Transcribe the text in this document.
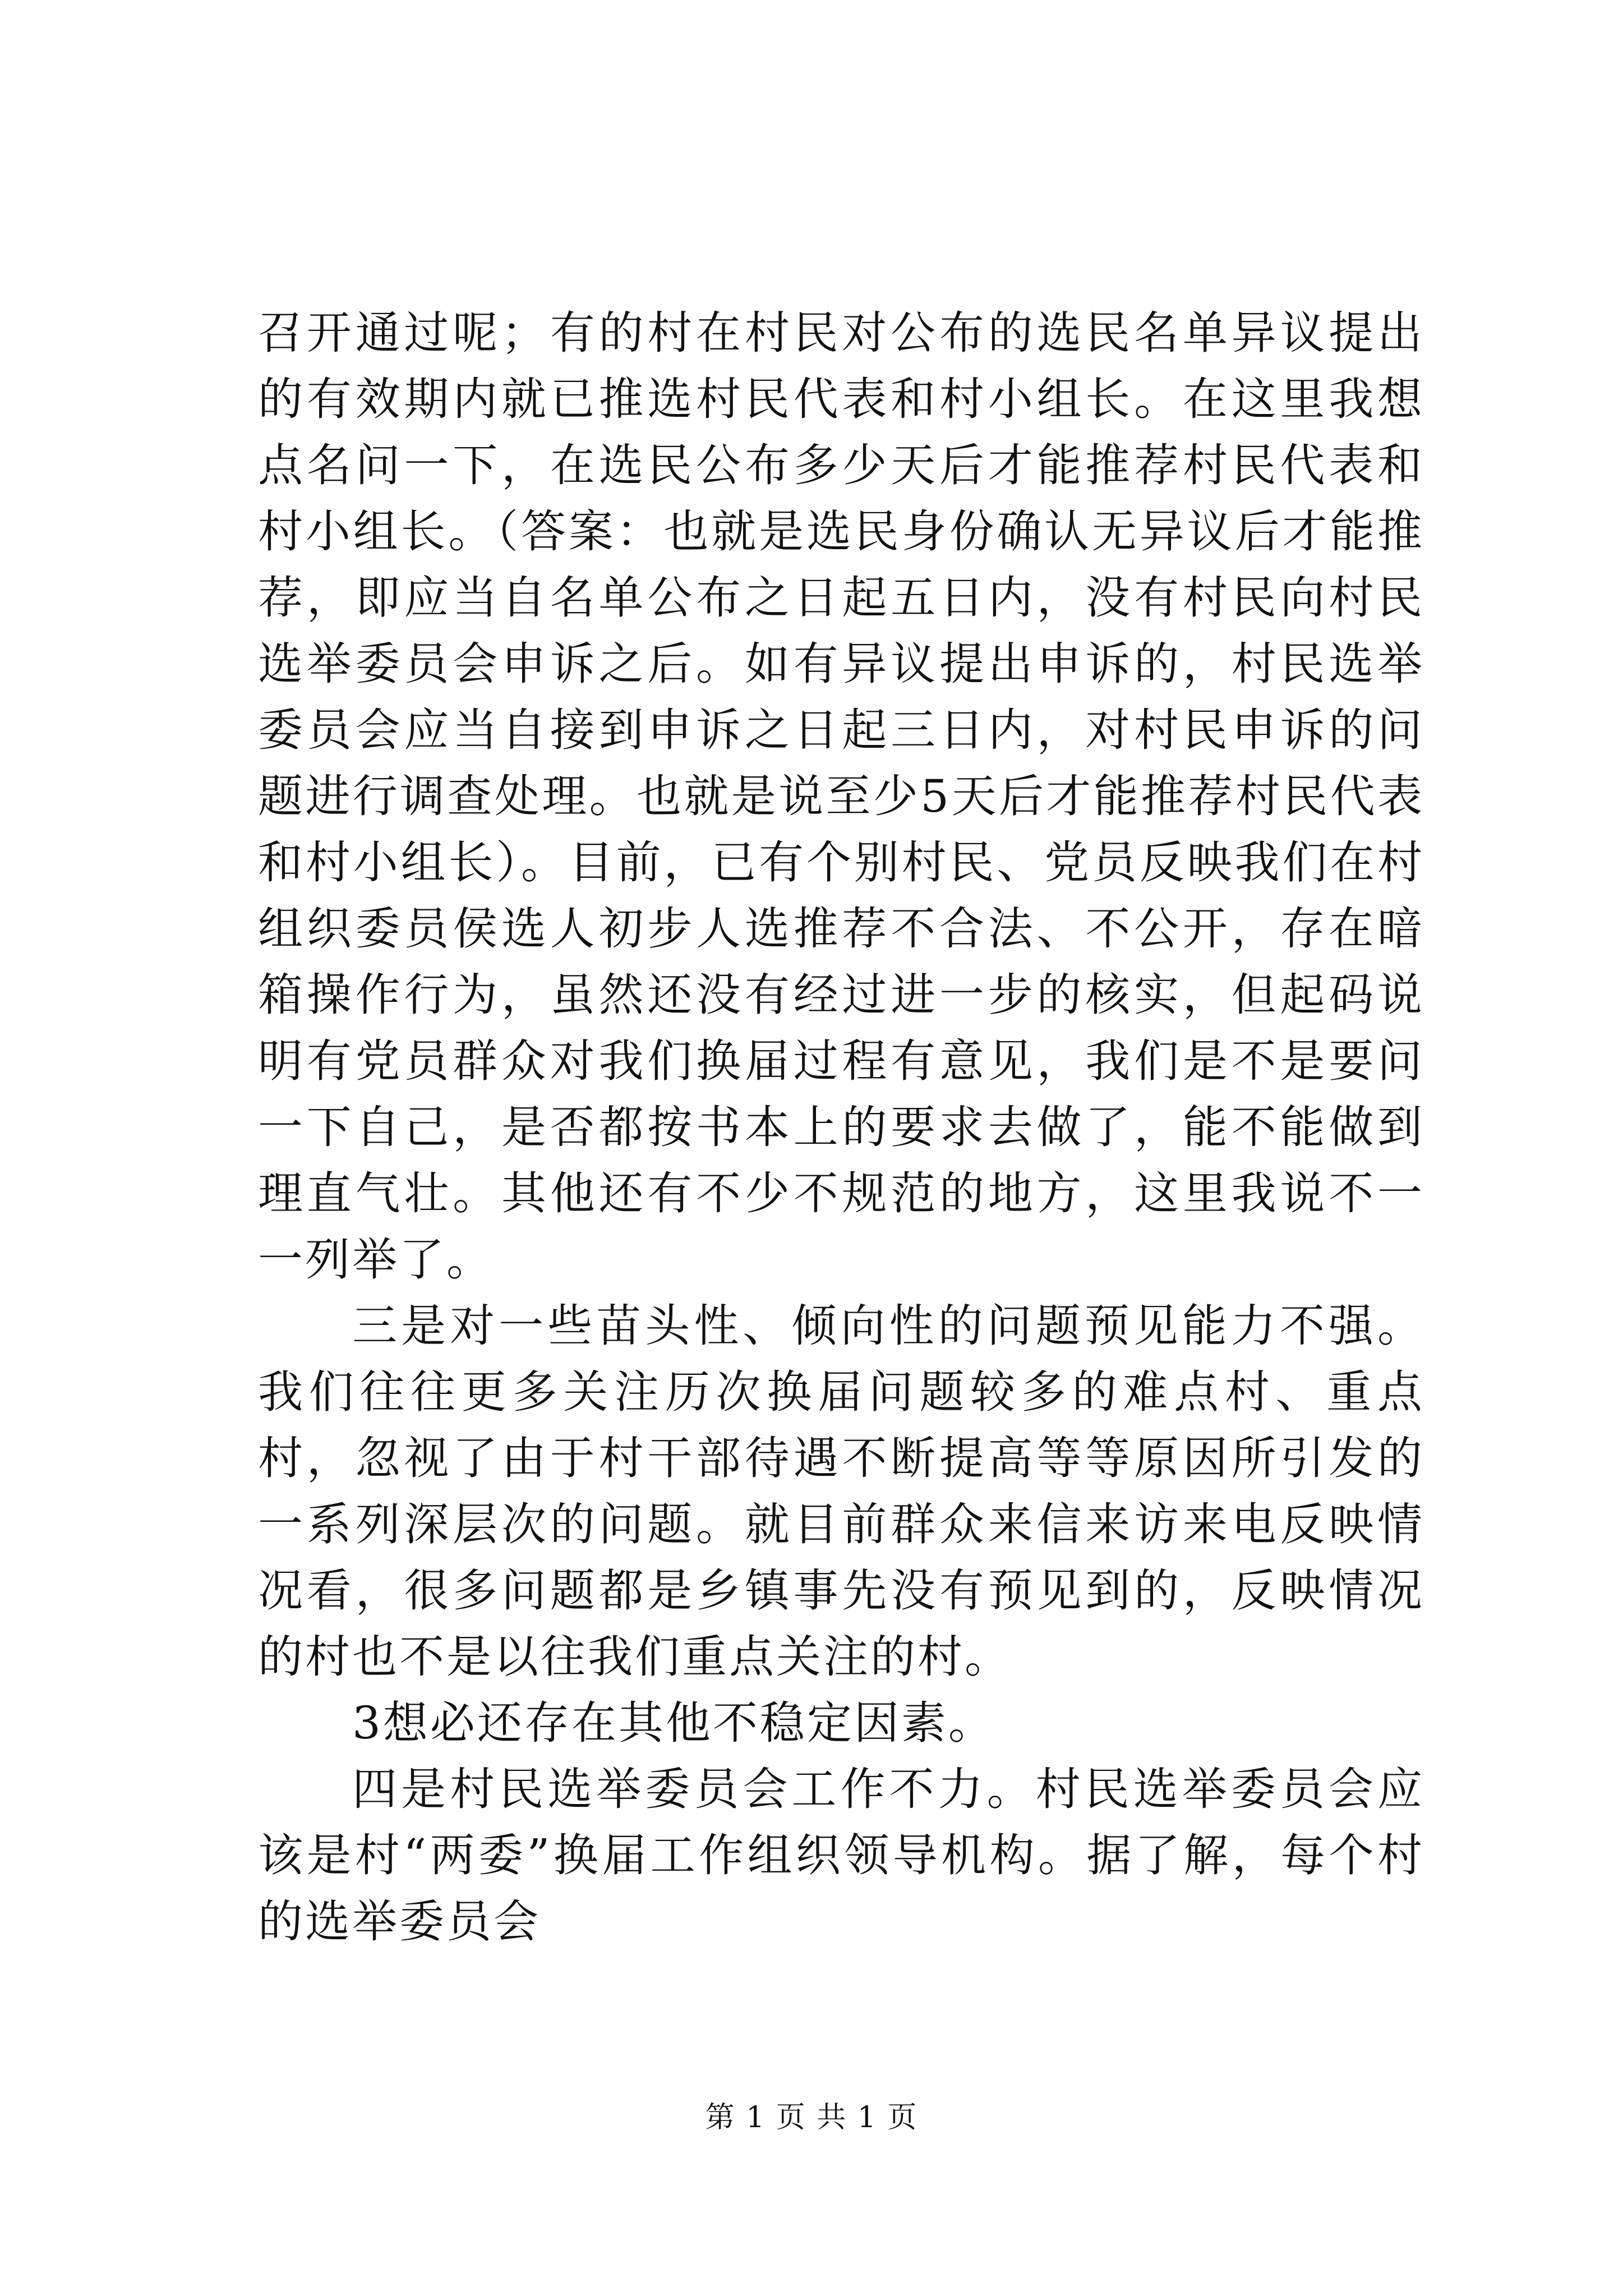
召开通过呢；有的村在村民对公布的选民名单异议提出的有效期内就已推选村民代表和村小组长。在这里我想点名问一下，在选民公布多少天后才能推荐村民代表和村小组长。（答案：也就是选民身份确认无异议后才能推荐，即应当自名单公布之日起五日内，没有村民向村民选举委员会申诉之后。如有异议提出申诉的，村民选举委员会应当自接到申诉之日起三日内，对村民申诉的问题进行调查处理。也就是说至少5天后才能推荐村民代表和村小组长）。目前，已有个别村民、党员反映我们在村组织委员侯选人初步人选推荐不合法、不公开，存在暗箱操作行为，虽然还没有经过进一步的核实，但起码说明有党员群众对我们换届过程有意见，我们是不是要问一下自己，是否都按书本上的要求去做了，能不能做到理直气壮。其他还有不少不规范的地方，这里我说不一一列举了。

三是对一些苗头性、倾向性的问题预见能力不强。我们往往更多关注历次换届问题较多的难点村、重点村，忽视了由于村干部待遇不断提高等等原因所引发的一系列深层次的问题。就目前群众来信来访来电反映情况看，很多问题都是乡镇事先没有预见到的，反映情况的村也不是以往我们重点关注的村。

3想必还存在其他不稳定因素。

四是村民选举委员会工作不力。村民选举委员会应该是村“两委”换届工作组织领导机构。据了解，每个村的选举委员会

第 1 页 共 1 页
